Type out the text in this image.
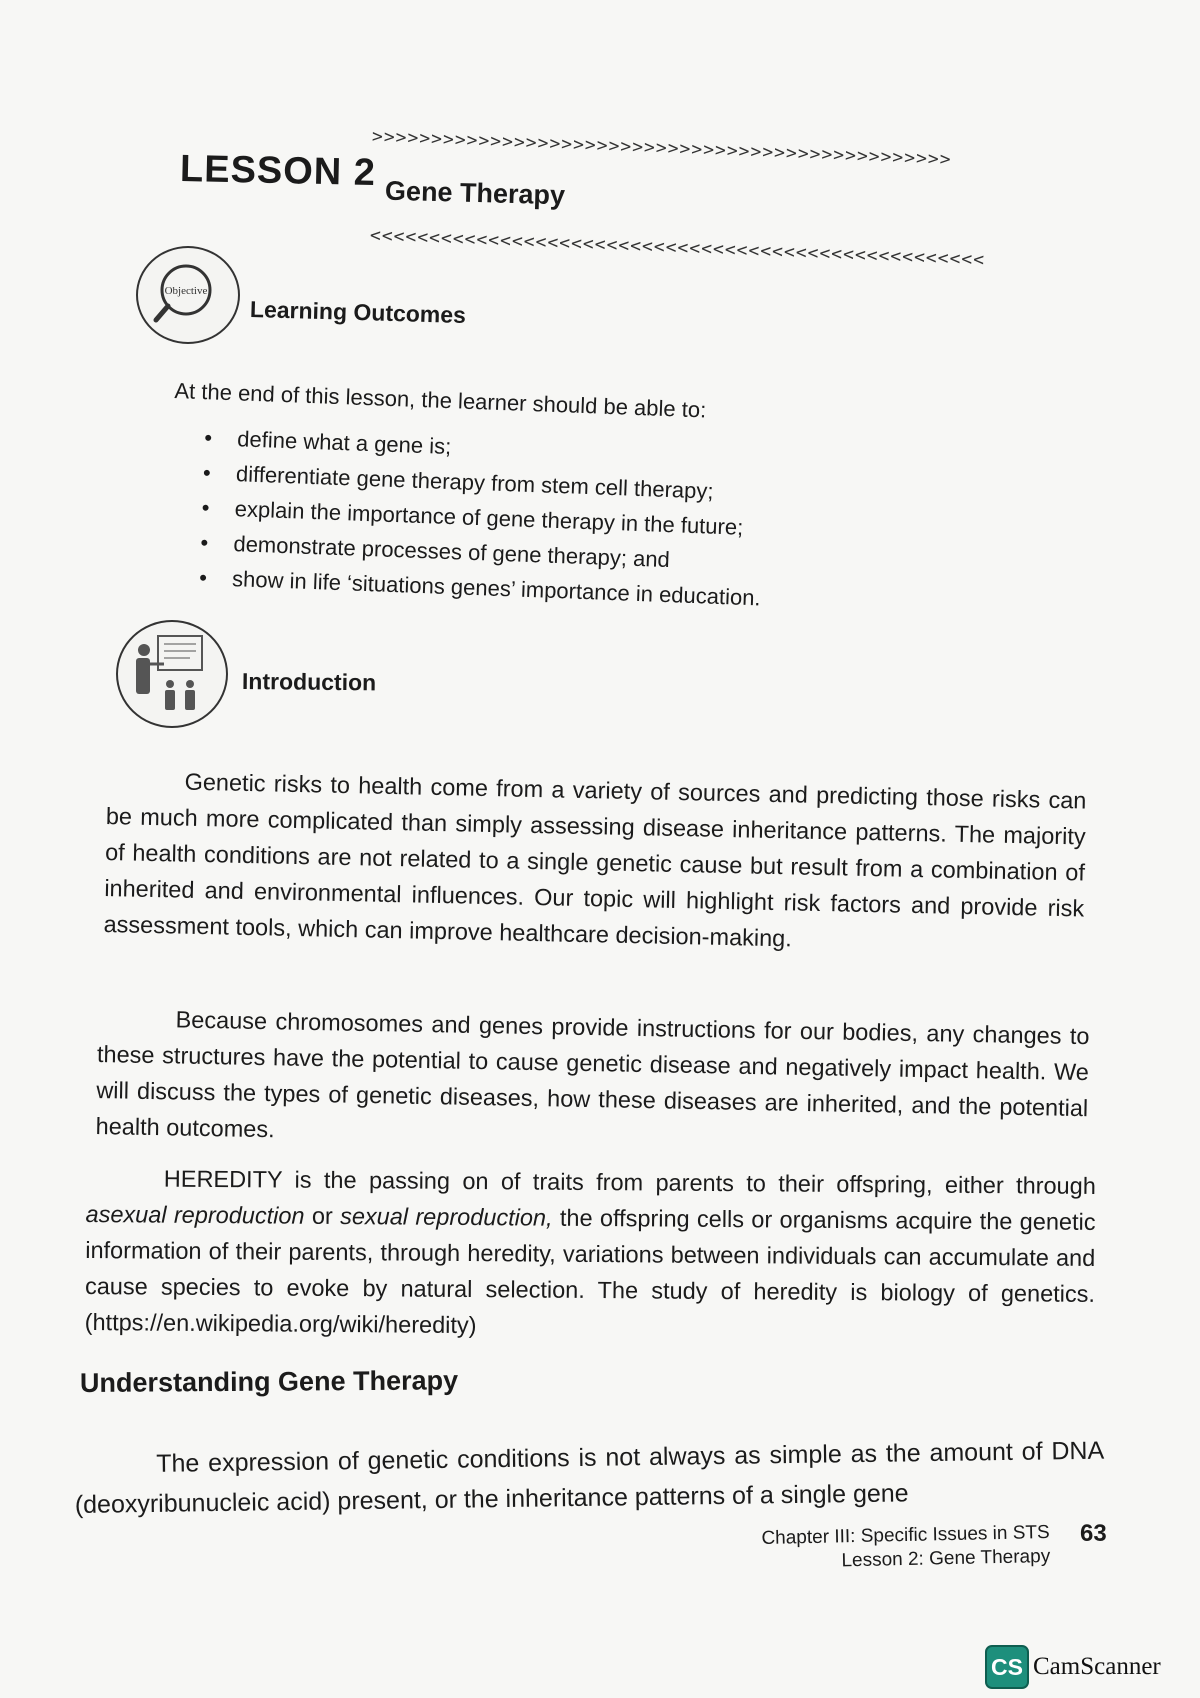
>>>>>>>>>>>>>>>>>>>>>>>>>>>>>>>>>>>>>>>>>>>>>>>>>
LESSON 2 Gene Therapy
<<<<<<<<<<<<<<<<<<<<<<<<<<<<<<<<<<<<<<<<<<<<<<<<<<<<
Objective
Learning Outcomes
At the end of this lesson, the learner should be able to:
• define what a gene is;
• differentiate gene therapy from stem cell therapy;
• explain the importance of gene therapy in the future;
• demonstrate processes of gene therapy; and
• show in life ‘situations genes’ importance in education.
Introduction

Genetic risks to health come from a variety of sources and predicting those risks can be much more complicated than simply assessing disease inheritance patterns. The majority of health conditions are not related to a single genetic cause but result from a combination of inherited and environmental influences. Our topic will highlight risk factors and provide risk assessment tools, which can improve healthcare decision-making.

Because chromosomes and genes provide instructions for our bodies, any changes to these structures have the potential to cause genetic disease and negatively impact health. We will discuss the types of genetic diseases, how these diseases are inherited, and the potential health outcomes.

HEREDITY is the passing on of traits from parents to their offspring, either through asexual reproduction or sexual reproduction, the offspring cells or organisms acquire the genetic information of their parents, through heredity, variations between individuals can accumulate and cause species to evoke by natural selection. The study of heredity is biology of genetics. (https://en.wikipedia.org/wiki/heredity)

Understanding Gene Therapy

The expression of genetic conditions is not always as simple as the amount of DNA (deoxyribunucleic acid) present, or the inheritance patterns of a single gene

Chapter III: Specific Issues in STS
Lesson 2: Gene Therapy
63
CS CamScanner
